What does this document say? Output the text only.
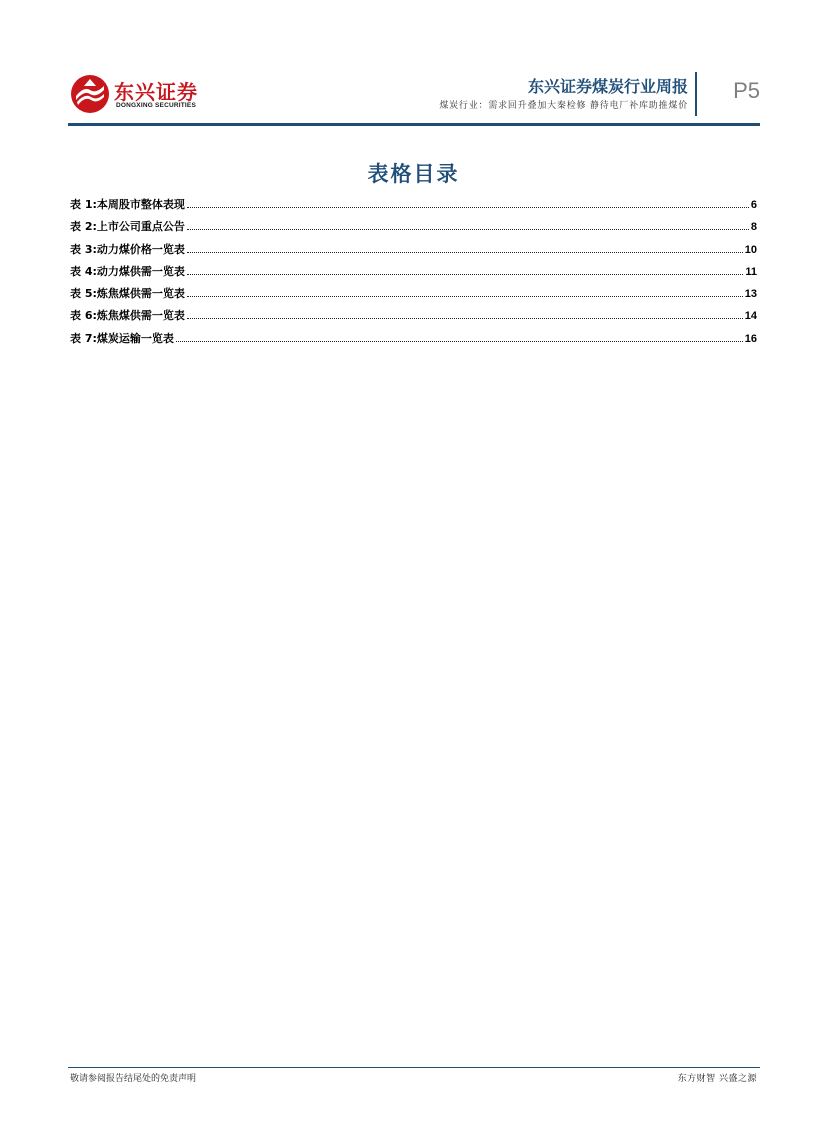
东兴证券
DONGXING SECURITIES
东兴证券煤炭行业周报
煤炭行业：需求回升叠加大秦检修 静待电厂补库助推煤价
P5
表格目录
表 1:本周股市整体表现	6
表 2:上市公司重点公告	8
表 3:动力煤价格一览表	10
表 4:动力煤供需一览表	11
表 5:炼焦煤供需一览表	13
表 6:炼焦煤供需一览表	14
表 7:煤炭运输一览表	16
敬请参阅报告结尾处的免责声明	东方财智 兴盛之源
